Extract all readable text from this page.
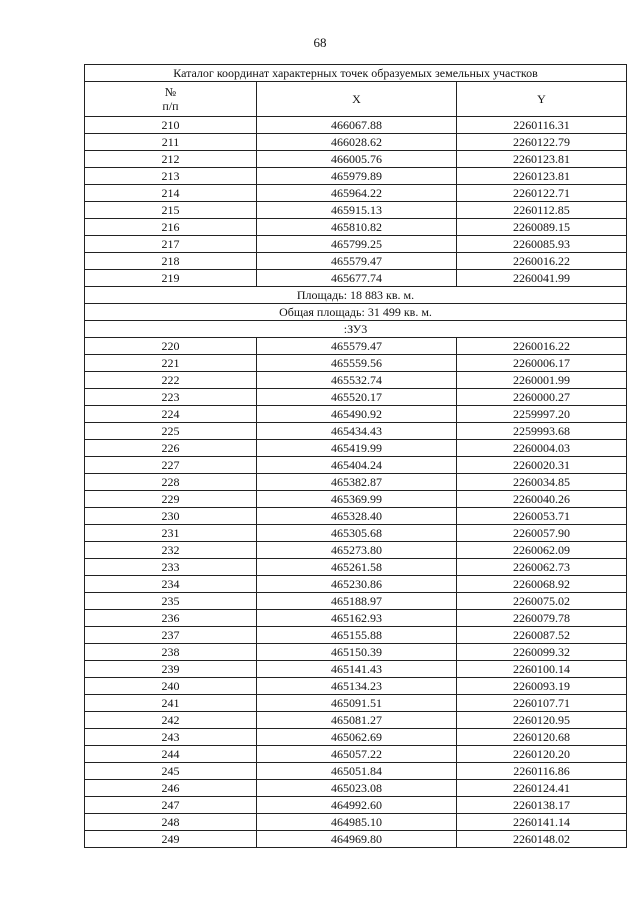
68
Каталог координат характерных точек образуемых земельных участков		

№
п/п	X	Y
210	466067.88	2260116.31
211	466028.62	2260122.79
212	466005.76	2260123.81
213	465979.89	2260123.81
214	465964.22	2260122.71
215	465915.13	2260112.85
216	465810.82	2260089.15
217	465799.25	2260085.93
218	465579.47	2260016.22
219	465677.74	2260041.99
Площадь: 18 883 кв. м.		
Общая площадь: 31 499 кв. м.		
:ЗУ3		
220	465579.47	2260016.22
221	465559.56	2260006.17
222	465532.74	2260001.99
223	465520.17	2260000.27
224	465490.92	2259997.20
225	465434.43	2259993.68
226	465419.99	2260004.03
227	465404.24	2260020.31
228	465382.87	2260034.85
229	465369.99	2260040.26
230	465328.40	2260053.71
231	465305.68	2260057.90
232	465273.80	2260062.09
233	465261.58	2260062.73
234	465230.86	2260068.92
235	465188.97	2260075.02
236	465162.93	2260079.78
237	465155.88	2260087.52
238	465150.39	2260099.32
239	465141.43	2260100.14
240	465134.23	2260093.19
241	465091.51	2260107.71
242	465081.27	2260120.95
243	465062.69	2260120.68
244	465057.22	2260120.20
245	465051.84	2260116.86
246	465023.08	2260124.41
247	464992.60	2260138.17
248	464985.10	2260141.14
249	464969.80	2260148.02
